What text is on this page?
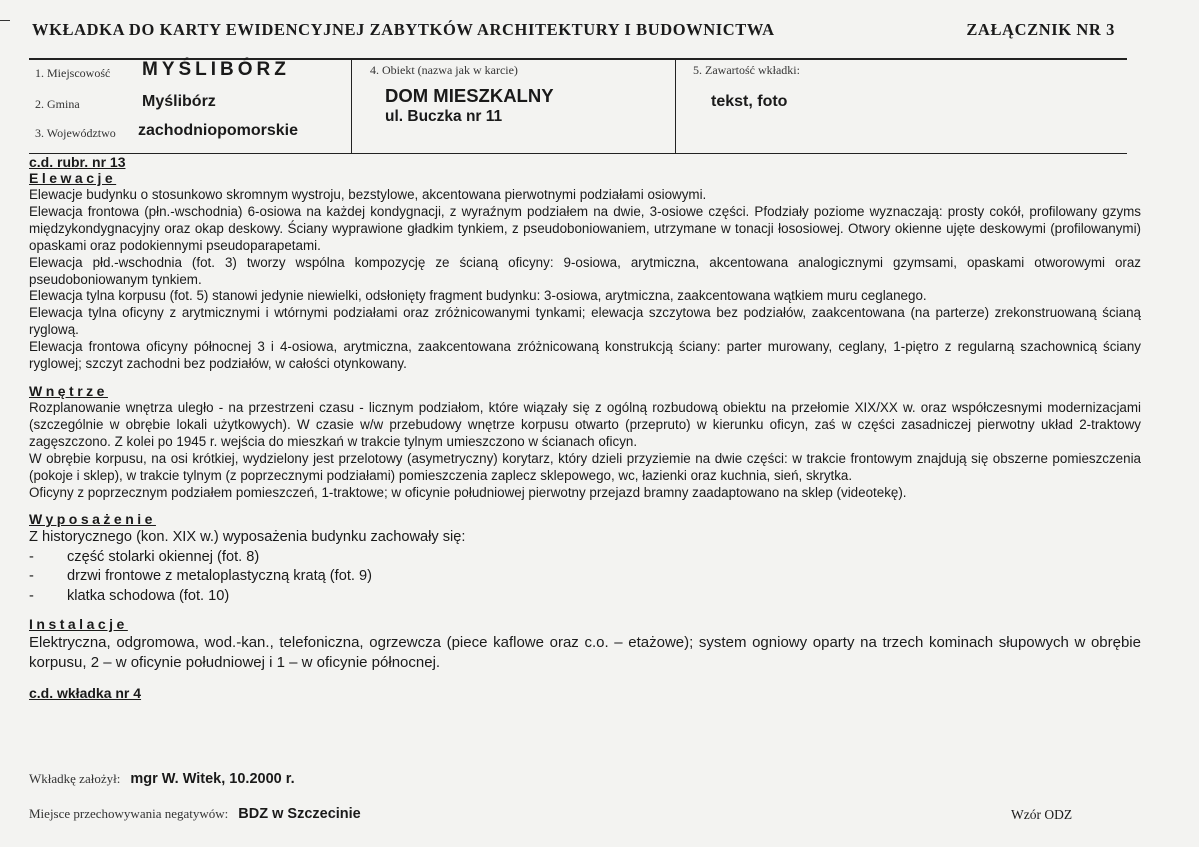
WKŁADKA DO KARTY EWIDENCYJNEJ ZABYTKÓW ARCHITEKTURY I BUDOWNICTWA	ZAŁĄCZNIK NR 3
1. Miejscowość MYŚLIBÓRZ
2. Gmina	Myślibórz
3. Województwo zachodniopomorskie
4. Obiekt (nazwa jak w karcie)
DOM MIESZKALNY
ul. Buczka nr 11
5. Zawartość wkładki:
tekst, foto
c.d. rubr. nr 13
Elewacje

Elewacje budynku o stosunkowo skromnym wystroju, bezstylowe, akcentowana pierwotnymi podziałami osiowymi.

Elewacja frontowa (płn.-wschodnia) 6-osiowa na każdej kondygnacji, z wyraźnym podziałem na dwie, 3-osiowe części. Pfodziały poziome wyznaczają: prosty cokół, profilowany gzyms międzykondygnacyjny oraz okap deskowy. Ściany wyprawione gładkim tynkiem, z pseudoboniowaniem, utrzymane w tonacji łososiowej. Otwory okienne ujęte deskowymi (profilowanymi) opaskami oraz podokiennymi pseudoparapetami.

Elewacja płd.-wschodnia (fot. 3) tworzy wspólna kompozycję ze ścianą oficyny: 9-osiowa, arytmiczna, akcentowana analogicznymi gzymsami, opaskami otworowymi oraz pseudoboniowanym tynkiem.

Elewacja tylna korpusu (fot. 5) stanowi jedynie niewielki, odsłonięty fragment budynku: 3-osiowa, arytmiczna, zaakcentowana wątkiem muru ceglanego.

Elewacja tylna oficyny z arytmicznymi i wtórnymi podziałami oraz zróżnicowanymi tynkami; elewacja szczytowa bez podziałów, zaakcentowana (na parterze) zrekonstruowaną ścianą ryglową.

Elewacja frontowa oficyny północnej 3 i 4-osiowa, arytmiczna, zaakcentowana zróżnicowaną konstrukcją ściany: parter murowany, ceglany, 1-piętro z regularną szachownicą ściany ryglowej; szczyt zachodni bez podziałów, w całości otynkowany.

Wnętrze

Rozplanowanie wnętrza uległo - na przestrzeni czasu - licznym podziałom, które wiązały się z ogólną rozbudową obiektu na przełomie XIX/XX w. oraz współczesnymi modernizacjami (szczególnie w obrębie lokali użytkowych). W czasie w/w przebudowy wnętrze korpusu otwarto (przepruto) w kierunku oficyn, zaś w części zasadniczej pierwotny układ 2-traktowy zagęszczono. Z kolei po 1945 r. wejścia do mieszkań w trakcie tylnym umieszczono w ścianach oficyn.

W obrębie korpusu, na osi krótkiej, wydzielony jest przelotowy (asymetryczny) korytarz, który dzieli przyziemie na dwie części: w trakcie frontowym znajdują się obszerne pomieszczenia (pokoje i sklep), w trakcie tylnym (z poprzecznymi podziałami) pomieszczenia zaplecz sklepowego, wc, łazienki oraz kuchnia, sień, skrytka.

Oficyny z poprzecznym podziałem pomieszczeń, 1-traktowe; w oficynie południowej pierwotny przejazd bramny zaadaptowano na sklep (videotekę).

Wyposażenie

Z historycznego (kon. XIX w.) wyposażenia budynku zachowały się:

- część stolarki okiennej (fot. 8)
- drzwi frontowe z metaloplastyczną kratą (fot. 9)
- klatka schodowa (fot. 10)
Instalacje

Elektryczna, odgromowa, wod.-kan., telefoniczna, ogrzewcza (piece kaflowe oraz c.o. – etażowe); system ogniowy oparty na trzech kominach słupowych w obrębie korpusu, 2 – w oficynie południowej i 1 – w oficynie północnej.

c.d. wkładka nr 4
Wkładkę założył: mgr W. Witek, 10.2000 r.
Miejsce przechowywania negatywów: BDZ w Szczecinie	Wzór ODZ
